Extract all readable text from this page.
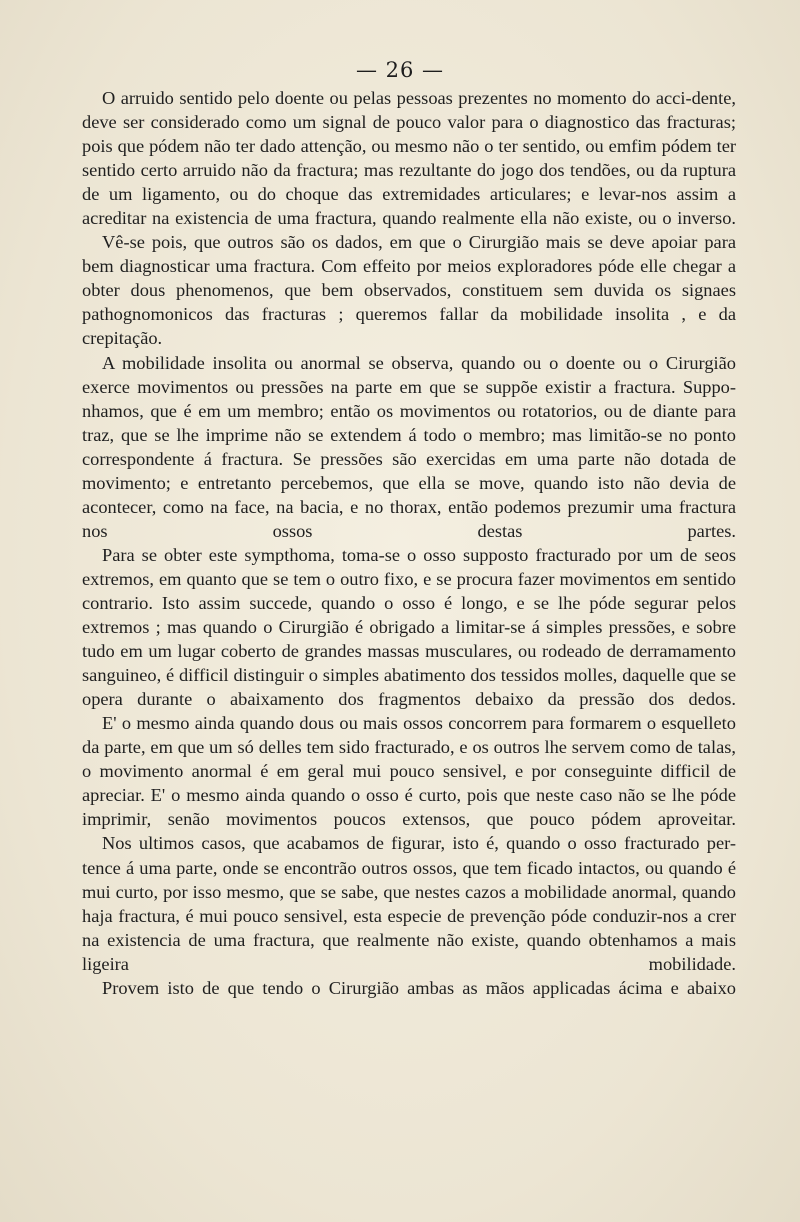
— 26 —

O arruido sentido pelo doente ou pelas pessoas prezentes no momento do acci-dente, deve ser considerado como um signal de pouco valor para o diagnostico das fracturas; pois que pódem não ter dado attenção, ou mesmo não o ter sentido, ou emfim pódem ter sentido certo arruido não da fractura; mas rezultante do jogo dos tendões, ou da ruptura de um ligamento, ou do choque das extremidades articulares; e levar-nos assim a acreditar na existencia de uma fractura, quando realmente ella não existe, ou o inverso.

Vê-se pois, que outros são os dados, em que o Cirurgião mais se deve apoiar para bem diagnosticar uma fractura. Com effeito por meios exploradores póde elle chegar a obter dous phenomenos, que bem observados, constituem sem duvida os signaes pathognomonicos das fracturas ; queremos fallar da mobilidade insolita , e da crepitação.

A mobilidade insolita ou anormal se observa, quando ou o doente ou o Cirurgião exerce movimentos ou pressões na parte em que se suppõe existir a fractura. Suppo-nhamos, que é em um membro; então os movimentos ou rotatorios, ou de diante para traz, que se lhe imprime não se extendem á todo o membro; mas limitão-se no ponto correspondente á fractura. Se pressões são exercidas em uma parte não dotada de movimento; e entretanto percebemos, que ella se move, quando isto não devia de acontecer, como na face, na bacia, e no thorax, então podemos prezumir uma fractura nos ossos destas partes.

Para se obter este sympthoma, toma-se o osso supposto fracturado por um de seos extremos, em quanto que se tem o outro fixo, e se procura fazer movimentos em sentido contrario. Isto assim succede, quando o osso é longo, e se lhe póde segurar pelos extremos ; mas quando o Cirurgião é obrigado a limitar-se á simples pressões, e sobre tudo em um lugar coberto de grandes massas musculares, ou rodeado de derramamento sanguineo, é difficil distinguir o simples abatimento dos tessidos molles, daquelle que se opera durante o abaixamento dos fragmentos debaixo da pressão dos dedos.

E' o mesmo ainda quando dous ou mais ossos concorrem para formarem o esquelleto da parte, em que um só delles tem sido fracturado, e os outros lhe servem como de talas, o movimento anormal é em geral mui pouco sensivel, e por conseguinte difficil de apreciar. E' o mesmo ainda quando o osso é curto, pois que neste caso não se lhe póde imprimir, senão movimentos poucos extensos, que pouco pódem aproveitar.

Nos ultimos casos, que acabamos de figurar, isto é, quando o osso fracturado per-tence á uma parte, onde se encontrão outros ossos, que tem ficado intactos, ou quando é mui curto, por isso mesmo, que se sabe, que nestes cazos a mobilidade anormal, quando haja fractura, é mui pouco sensivel, esta especie de prevenção póde conduzir-nos a crer na existencia de uma fractura, que realmente não existe, quando obtenhamos a mais ligeira mobilidade.

Provem isto de que tendo o Cirurgião ambas as mãos applicadas ácima e abaixo
